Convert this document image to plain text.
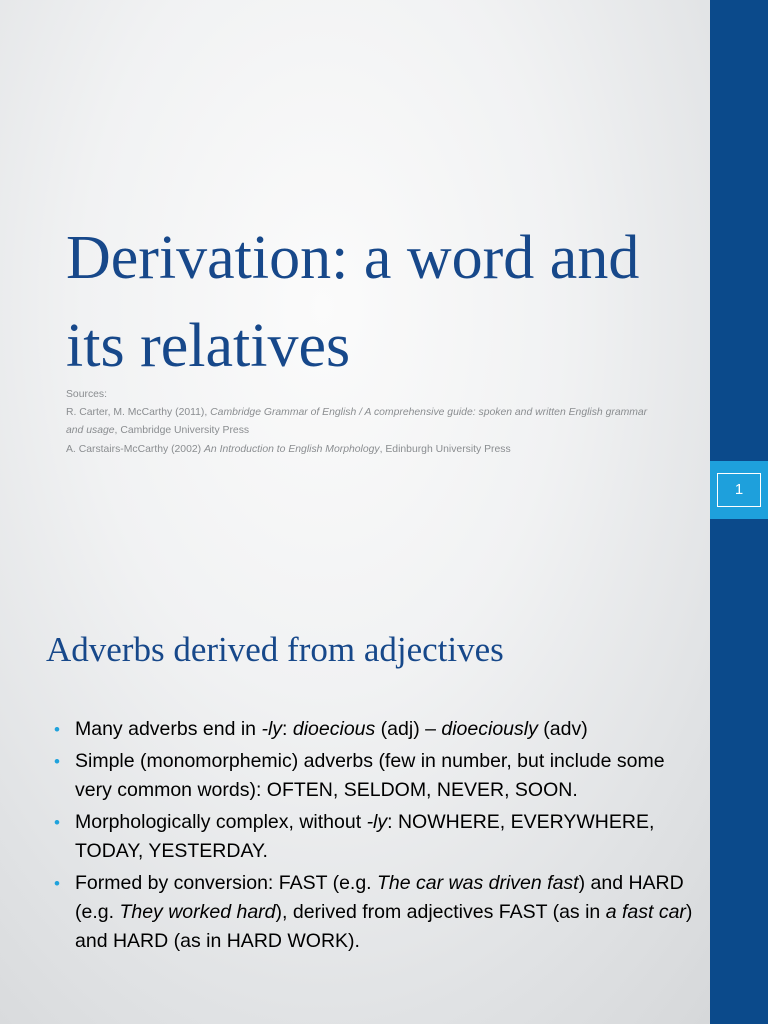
1
Derivation: a word and its relatives

Sources:

R. Carter, M. McCarthy (2011), Cambridge Grammar of English / A comprehensive guide: spoken and written English grammar and usage, Cambridge University Press

A. Carstairs-McCarthy (2002) An Introduction to English Morphology, Edinburgh University Press

Adverbs derived from adjectives
• Many adverbs end in -ly: dioecious (adj) – dioeciously (adv)
• Simple (monomorphemic) adverbs (few in number, but include some very common words): OFTEN, SELDOM, NEVER, SOON.
• Morphologically complex, without -ly: NOWHERE, EVERYWHERE, TODAY, YESTERDAY.
• Formed by conversion: FAST (e.g. The car was driven fast) and HARD (e.g. They worked hard), derived from adjectives FAST (as in a fast car) and HARD (as in HARD WORK).
